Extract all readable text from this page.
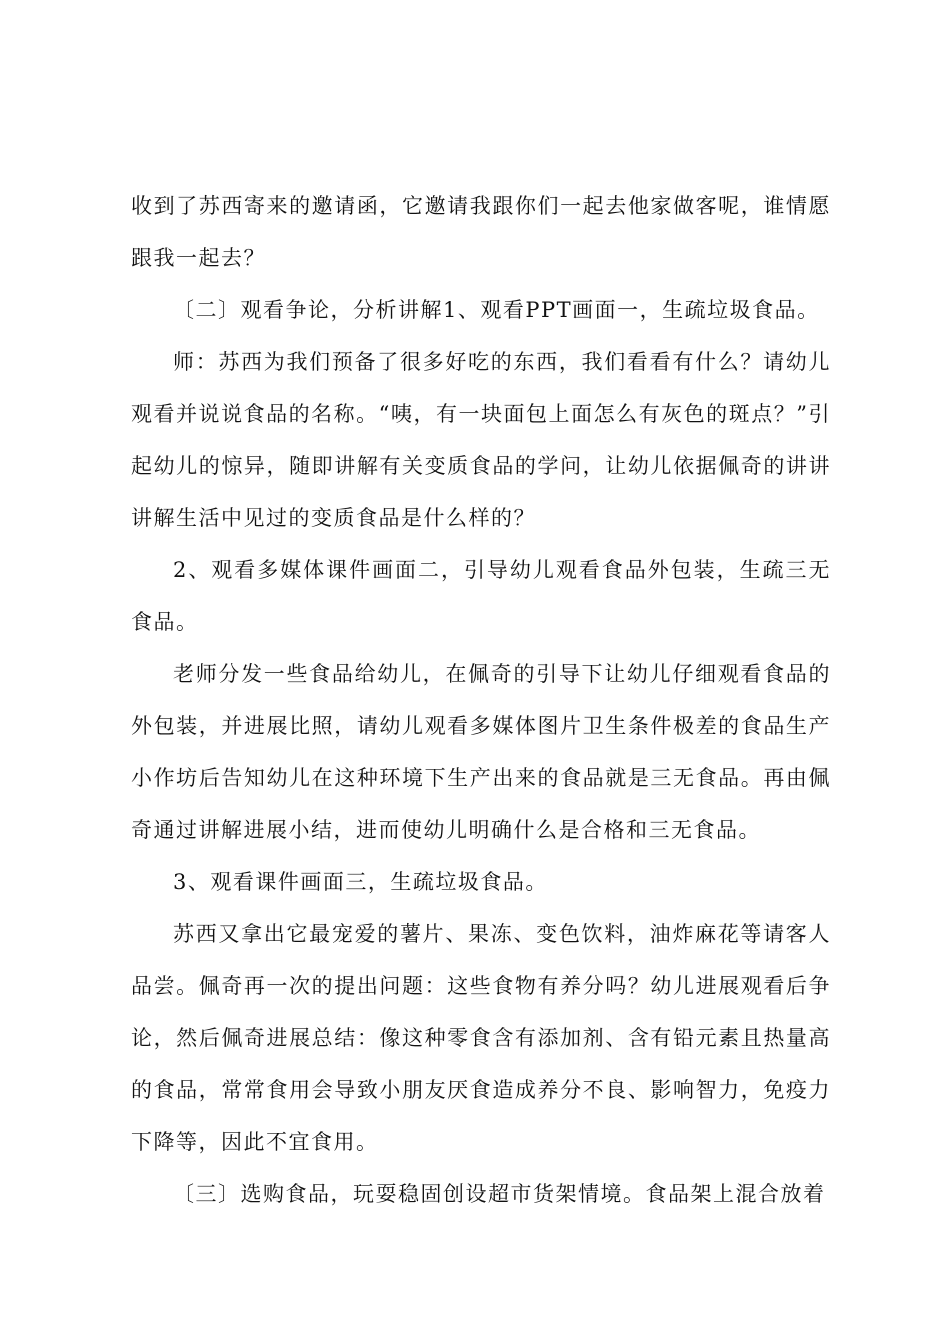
收到了苏西寄来的邀请函，它邀请我跟你们一起去他家做客呢，谁情愿跟我一起去？

〔二〕观看争论，分析讲解1、观看PPT画面一，生疏垃圾食品。

师：苏西为我们预备了很多好吃的东西，我们看看有什么？请幼儿观看并说说食品的名称。“咦，有一块面包上面怎么有灰色的斑点？”引起幼儿的惊异，随即讲解有关变质食品的学问，让幼儿依据佩奇的讲讲讲解生活中见过的变质食品是什么样的？

2、观看多媒体课件画面二，引导幼儿观看食品外包装，生疏三无食品。

老师分发一些食品给幼儿，在佩奇的引导下让幼儿仔细观看食品的外包装，并进展比照，请幼儿观看多媒体图片卫生条件极差的食品生产小作坊后告知幼儿在这种环境下生产出来的食品就是三无食品。再由佩奇通过讲解进展小结，进而使幼儿明确什么是合格和三无食品。

3、观看课件画面三，生疏垃圾食品。

苏西又拿出它最宠爱的薯片、果冻、变色饮料，油炸麻花等请客人品尝。佩奇再一次的提出问题：这些食物有养分吗？幼儿进展观看后争论，然后佩奇进展总结：像这种零食含有添加剂、含有铅元素且热量高的食品，常常食用会导致小朋友厌食造成养分不良、影响智力，免疫力下降等，因此不宜食用。

〔三〕选购食品，玩耍稳固创设超市货架情境。食品架上混合放着
